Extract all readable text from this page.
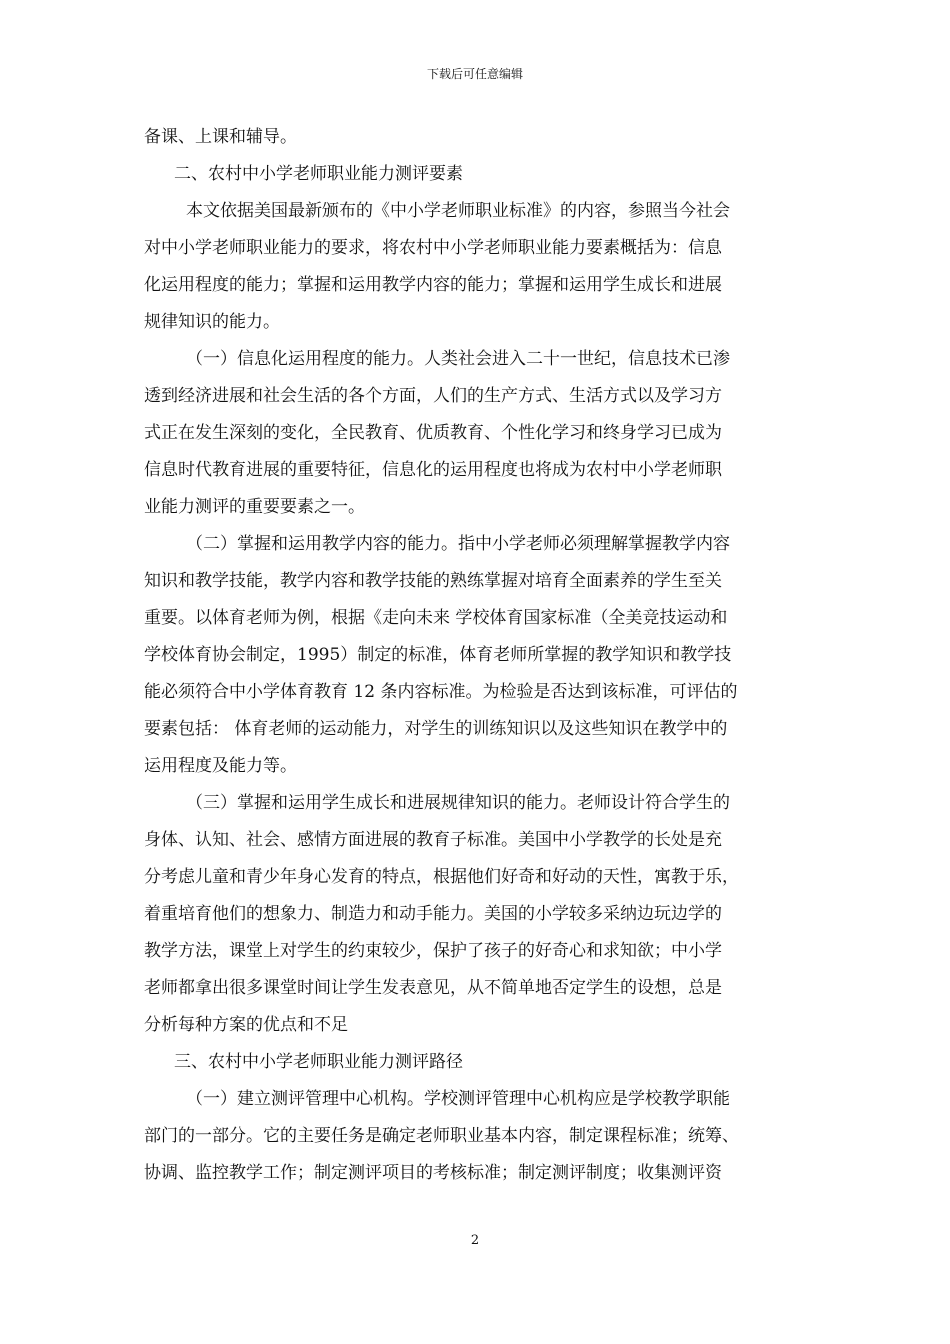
下载后可任意编辑
备课、上课和辅导。
二、农村中小学老师职业能力测评要素
本文依据美国最新颁布的《中小学老师职业标准》的内容，参照当今社会
对中小学老师职业能力的要求，将农村中小学老师职业能力要素概括为：信息
化运用程度的能力；掌握和运用教学内容的能力；掌握和运用学生成长和进展
规律知识的能力。
（一）信息化运用程度的能力。人类社会进入二十一世纪，信息技术已渗
透到经济进展和社会生活的各个方面，人们的生产方式、生活方式以及学习方
式正在发生深刻的变化，全民教育、优质教育、个性化学习和终身学习已成为
信息时代教育进展的重要特征，信息化的运用程度也将成为农村中小学老师职
业能力测评的重要要素之一。
（二）掌握和运用教学内容的能力。指中小学老师必须理解掌握教学内容
知识和教学技能，教学内容和教学技能的熟练掌握对培育全面素养的学生至关
重要。以体育老师为例，根据《走向未来 学校体育国家标准（全美竞技运动和
学校体育协会制定，1995）制定的标准，体育老师所掌握的教学知识和教学技
能必须符合中小学体育教育 12 条内容标准。为检验是否达到该标准，可评估的
要素包括： 体育老师的运动能力，对学生的训练知识以及这些知识在教学中的
运用程度及能力等。
（三）掌握和运用学生成长和进展规律知识的能力。老师设计符合学生的
身体、认知、社会、感情方面进展的教育子标准。美国中小学教学的长处是充
分考虑儿童和青少年身心发育的特点，根据他们好奇和好动的天性，寓教于乐，
着重培育他们的想象力、制造力和动手能力。美国的小学较多采纳边玩边学的
教学方法，课堂上对学生的约束较少，保护了孩子的好奇心和求知欲；中小学
老师都拿出很多课堂时间让学生发表意见，从不简单地否定学生的设想，总是
分析每种方案的优点和不足
三、农村中小学老师职业能力测评路径
（一）建立测评管理中心机构。学校测评管理中心机构应是学校教学职能
部门的一部分。它的主要任务是确定老师职业基本内容，制定课程标准；统筹、
协调、监控教学工作；制定测评项目的考核标准；制定测评制度；收集测评资
2
